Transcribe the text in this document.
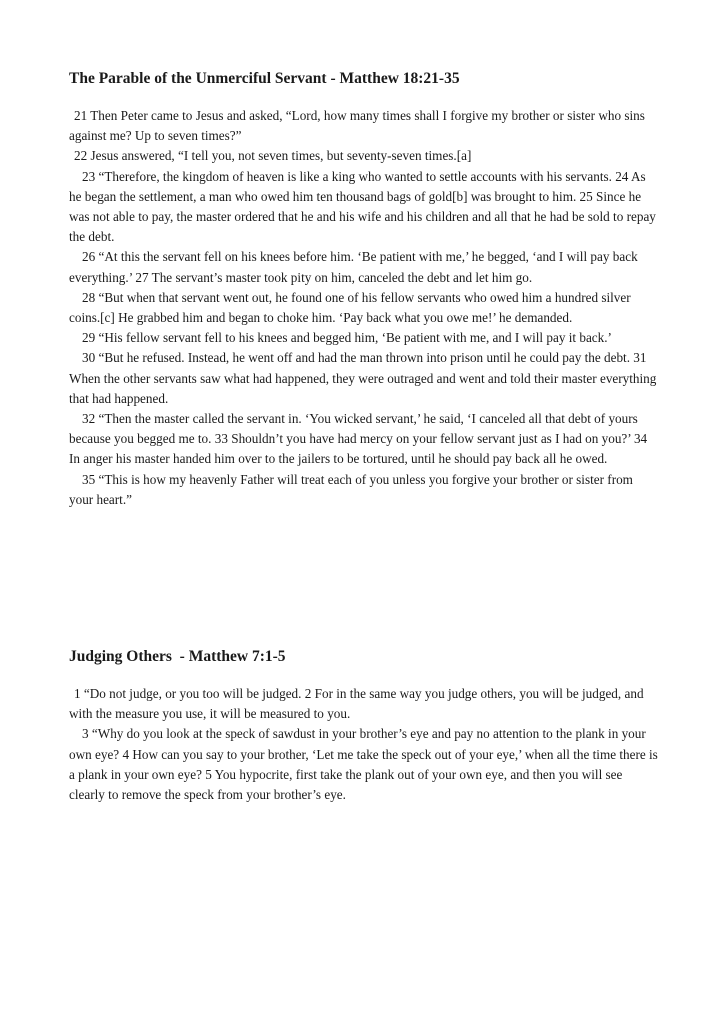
The Parable of the Unmerciful Servant - Matthew 18:21-35

21 Then Peter came to Jesus and asked, “Lord, how many times shall I forgive my brother or sister who sins against me? Up to seven times?”

22 Jesus answered, “I tell you, not seven times, but seventy-seven times.[a]

23 “Therefore, the kingdom of heaven is like a king who wanted to settle accounts with his servants. 24 As he began the settlement, a man who owed him ten thousand bags of gold[b] was brought to him. 25 Since he was not able to pay, the master ordered that he and his wife and his children and all that he had be sold to repay the debt.

26 “At this the servant fell on his knees before him. ‘Be patient with me,’ he begged, ‘and I will pay back everything.’ 27 The servant’s master took pity on him, canceled the debt and let him go.

28 “But when that servant went out, he found one of his fellow servants who owed him a hundred silver coins.[c] He grabbed him and began to choke him. ‘Pay back what you owe me!’ he demanded.

29 “His fellow servant fell to his knees and begged him, ‘Be patient with me, and I will pay it back.’

30 “But he refused. Instead, he went off and had the man thrown into prison until he could pay the debt. 31 When the other servants saw what had happened, they were outraged and went and told their master everything that had happened.

32 “Then the master called the servant in. ‘You wicked servant,’ he said, ‘I canceled all that debt of yours because you begged me to. 33 Shouldn’t you have had mercy on your fellow servant just as I had on you?’ 34 In anger his master handed him over to the jailers to be tortured, until he should pay back all he owed.

35 “This is how my heavenly Father will treat each of you unless you forgive your brother or sister from your heart.”

Judging Others  - Matthew 7:1-5

1 “Do not judge, or you too will be judged. 2 For in the same way you judge others, you will be judged, and with the measure you use, it will be measured to you.

3 “Why do you look at the speck of sawdust in your brother’s eye and pay no attention to the plank in your own eye? 4 How can you say to your brother, ‘Let me take the speck out of your eye,’ when all the time there is a plank in your own eye? 5 You hypocrite, first take the plank out of your own eye, and then you will see clearly to remove the speck from your brother’s eye.
